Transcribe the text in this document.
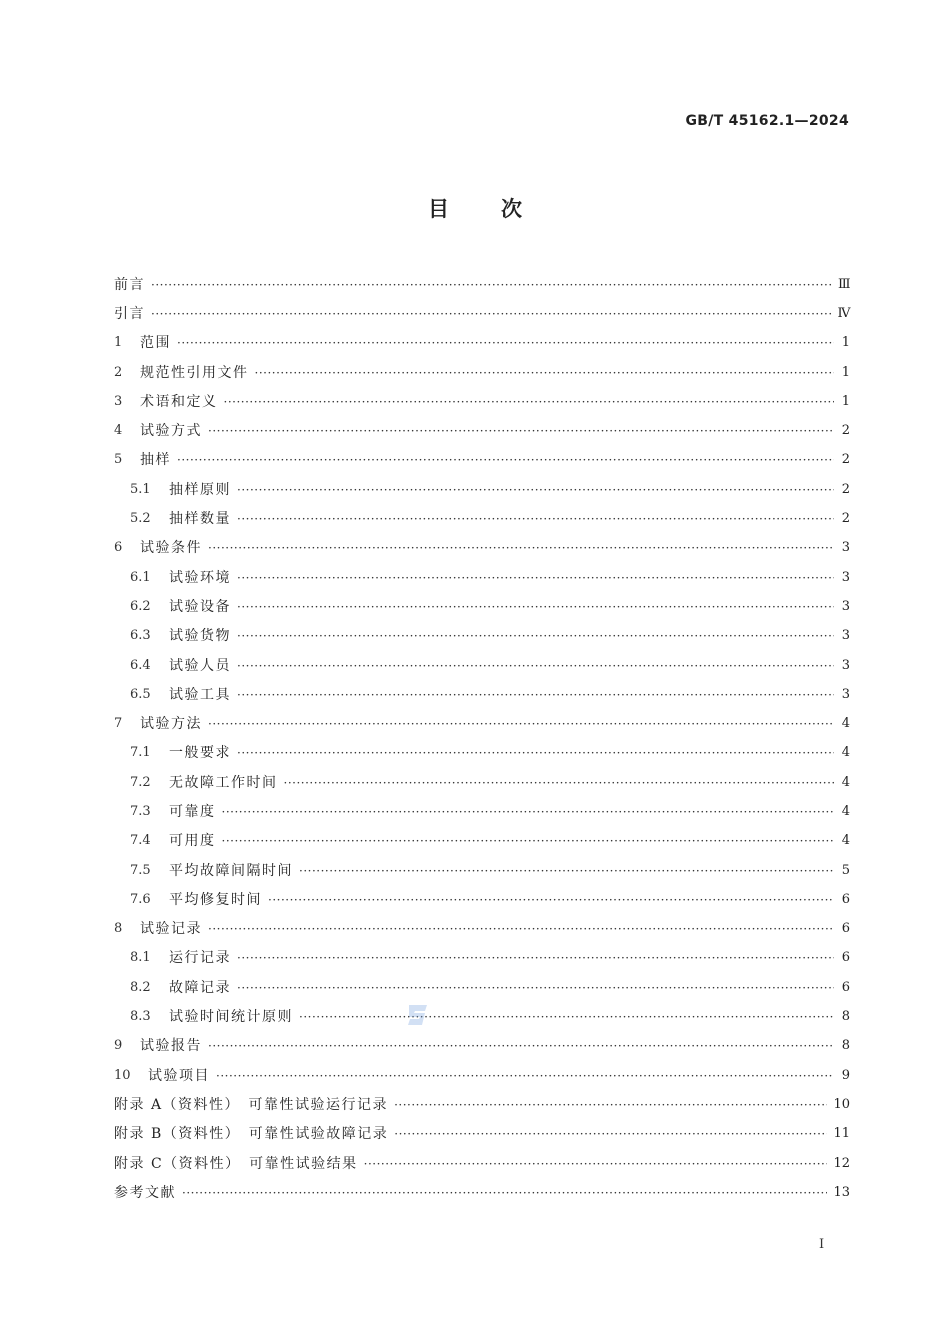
GB/T 45162.1—2024
目 次
前言 ·····	Ⅲ
引言 ·····	Ⅳ
1	范围 ·····	1
2	规范性引用文件 ·····	1
3	术语和定义 ·····	1
4	试验方式 ·····	2
5	抽样 ·····	2
5.1	抽样原则 ·····	2
5.2	抽样数量 ·····	2
6	试验条件 ·····	3
6.1	试验环境 ·····	3
6.2	试验设备 ·····	3
6.3	试验货物 ·····	3
6.4	试验人员 ·····	3
6.5	试验工具 ·····	3
7	试验方法 ·····	4
7.1	一般要求 ·····	4
7.2	无故障工作时间 ·····	4
7.3	可靠度 ·····	4
7.4	可用度 ·····	4
7.5	平均故障间隔时间 ·····	5
7.6	平均修复时间 ·····	6
8	试验记录 ·····	6
8.1	运行记录 ·····	6
8.2	故障记录 ·····	6
8.3	试验时间统计原则 ·····	8
9	试验报告 ·····	8
10	试验项目 ·····	9
附录 A（资料性）　可靠性试验运行记录 ·····	10
附录 B（资料性）　可靠性试验故障记录 ·····	11
附录 C（资料性）　可靠性试验结果 ·····	12
参考文献 ·····	13
I
